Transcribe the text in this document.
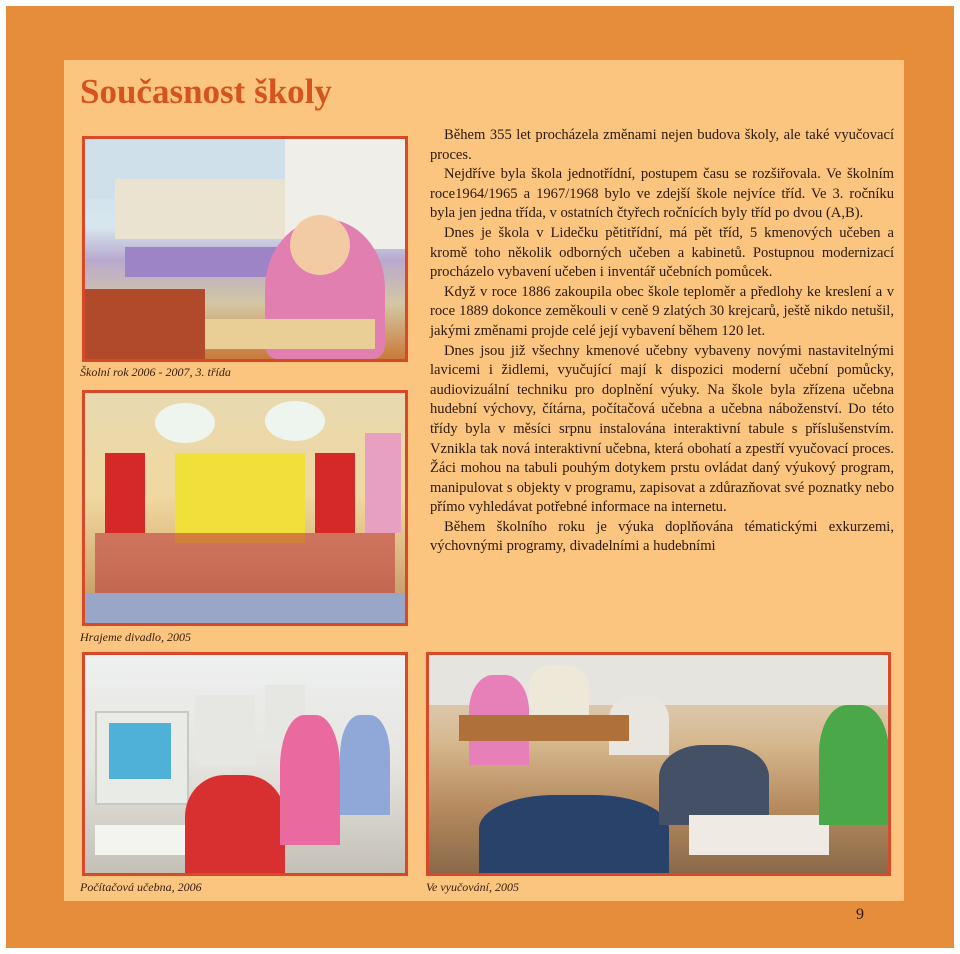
Současnost školy
Školní rok 2006 - 2007, 3. třída
Hrajeme divadlo, 2005
Počítačová učebna, 2006	Ve vyučování, 2005

Během 355 let procházela změnami nejen budova školy, ale také vyučovací proces.

Nejdříve byla škola jednotřídní, postupem času se rozšiřovala. Ve školním roce1964/1965 a 1967/1968 bylo ve zdejší škole nejvíce tříd. Ve 3. ročníku byla jen jedna třída, v ostatních čtyřech ročnících byly tříd po dvou (A,B).

Dnes je škola v Lidečku pětitřídní, má pět tříd, 5 kmenových učeben a kromě toho několik odborných učeben a kabinetů. Postupnou modernizací procházelo vybavení učeben i inventář učebních pomůcek.

Když v roce 1886 zakoupila obec škole teploměr a předlohy ke kreslení a v roce 1889 dokonce zeměkouli v ceně 9 zlatých 30 krejcarů, ještě nikdo netušil, jakými změnami projde celé její vybavení během 120 let.

Dnes jsou již všechny kmenové učebny vybaveny novými nastavitelnými lavicemi i židlemi, vyučující mají k dispozici moderní učební pomůcky, audiovizuální techniku pro doplnění výuky. Na škole byla zřízena učebna hudební výchovy, čítárna, počítačová učebna a učebna náboženství. Do této třídy byla v měsíci srpnu instalována interaktivní tabule s příslušenstvím. Vznikla tak nová interaktivní učebna, která obohatí a zpestří vyučovací proces. Žáci mohou na tabuli pouhým dotykem prstu ovládat daný výukový program, manipulovat s objekty v programu, zapisovat a zdůrazňovat své poznatky nebo přímo vyhledávat potřebné informace na internetu.

Během školního roku je výuka doplňována tématickými exkurzemi, výchovnými programy, divadelními a hudebními

9
